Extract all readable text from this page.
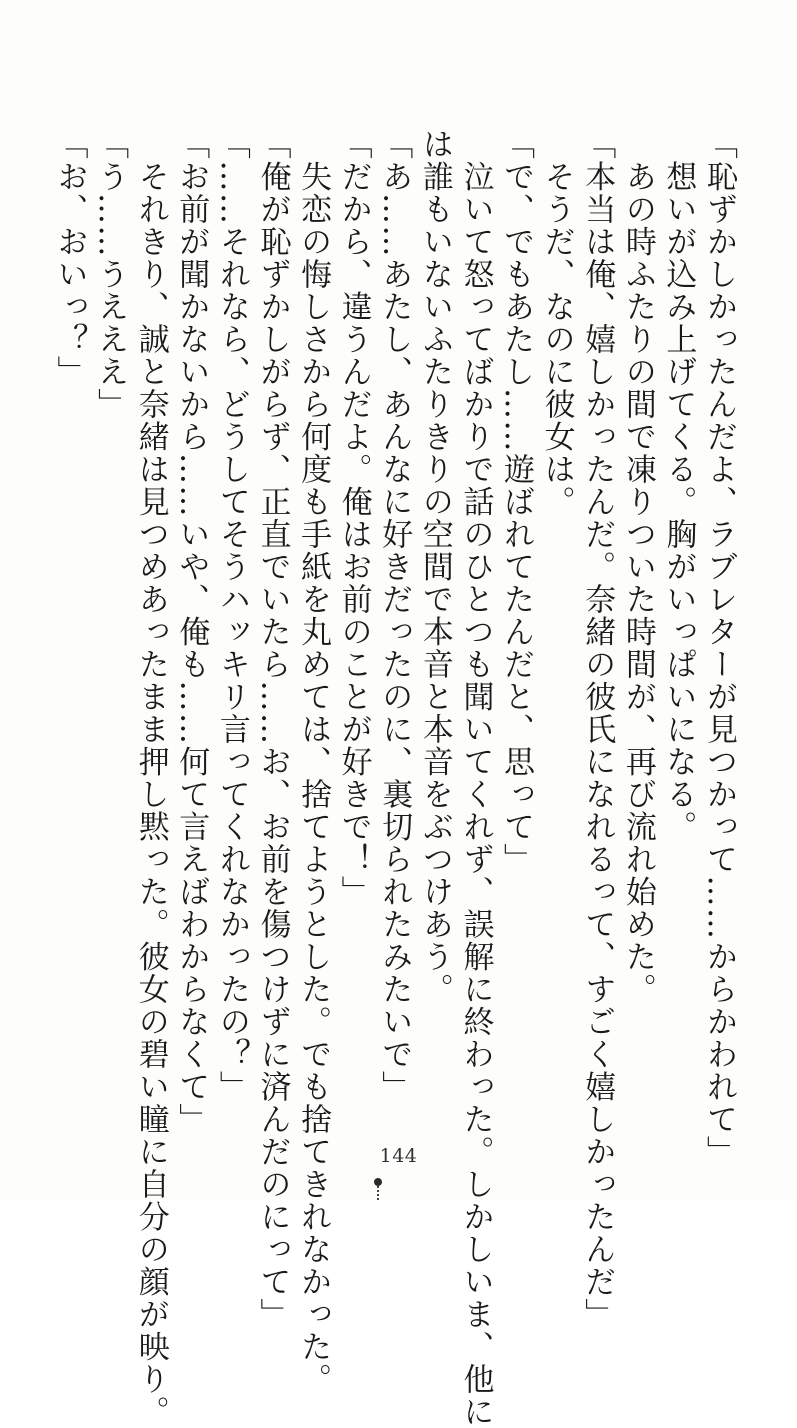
「恥ずかしかったんだよ、ラブレターが見つかって……からかわれて」
　想いが込み上げてくる。胸がいっぱいになる。
　あの時ふたりの間で凍りついた時間が、再び流れ始めた。
「本当は俺、嬉しかったんだ。奈緒の彼氏になれるって、すごく嬉しかったんだ」
　そうだ、なのに彼女は。
「で、でもあたし……遊ばれてたんだと、思って」
　泣いて怒ってばかりで話のひとつも聞いてくれず、誤解に終わった。しかしいま、他に
は誰もいないふたりきりの空間で本音と本音をぶつけあう。
「あ……あたし、あんなに好きだったのに、裏切られたみたいで」
「だから、違うんだよ。俺はお前のことが好きで！」
　失恋の悔しさから何度も手紙を丸めては、捨てようとした。でも捨てきれなかった。
「俺が恥ずかしがらず、正直でいたら……お、お前を傷つけずに済んだのにって」
「……それなら、どうしてそうハッキリ言ってくれなかったの？」
「お前が聞かないから……いや、俺も……何て言えばわからなくて」
　それきり、誠と奈緒は見つめあったまま押し黙った。彼女の碧い瞳に自分の顔が映り。
「う……うえええ」
「お、おいっ？」
144
